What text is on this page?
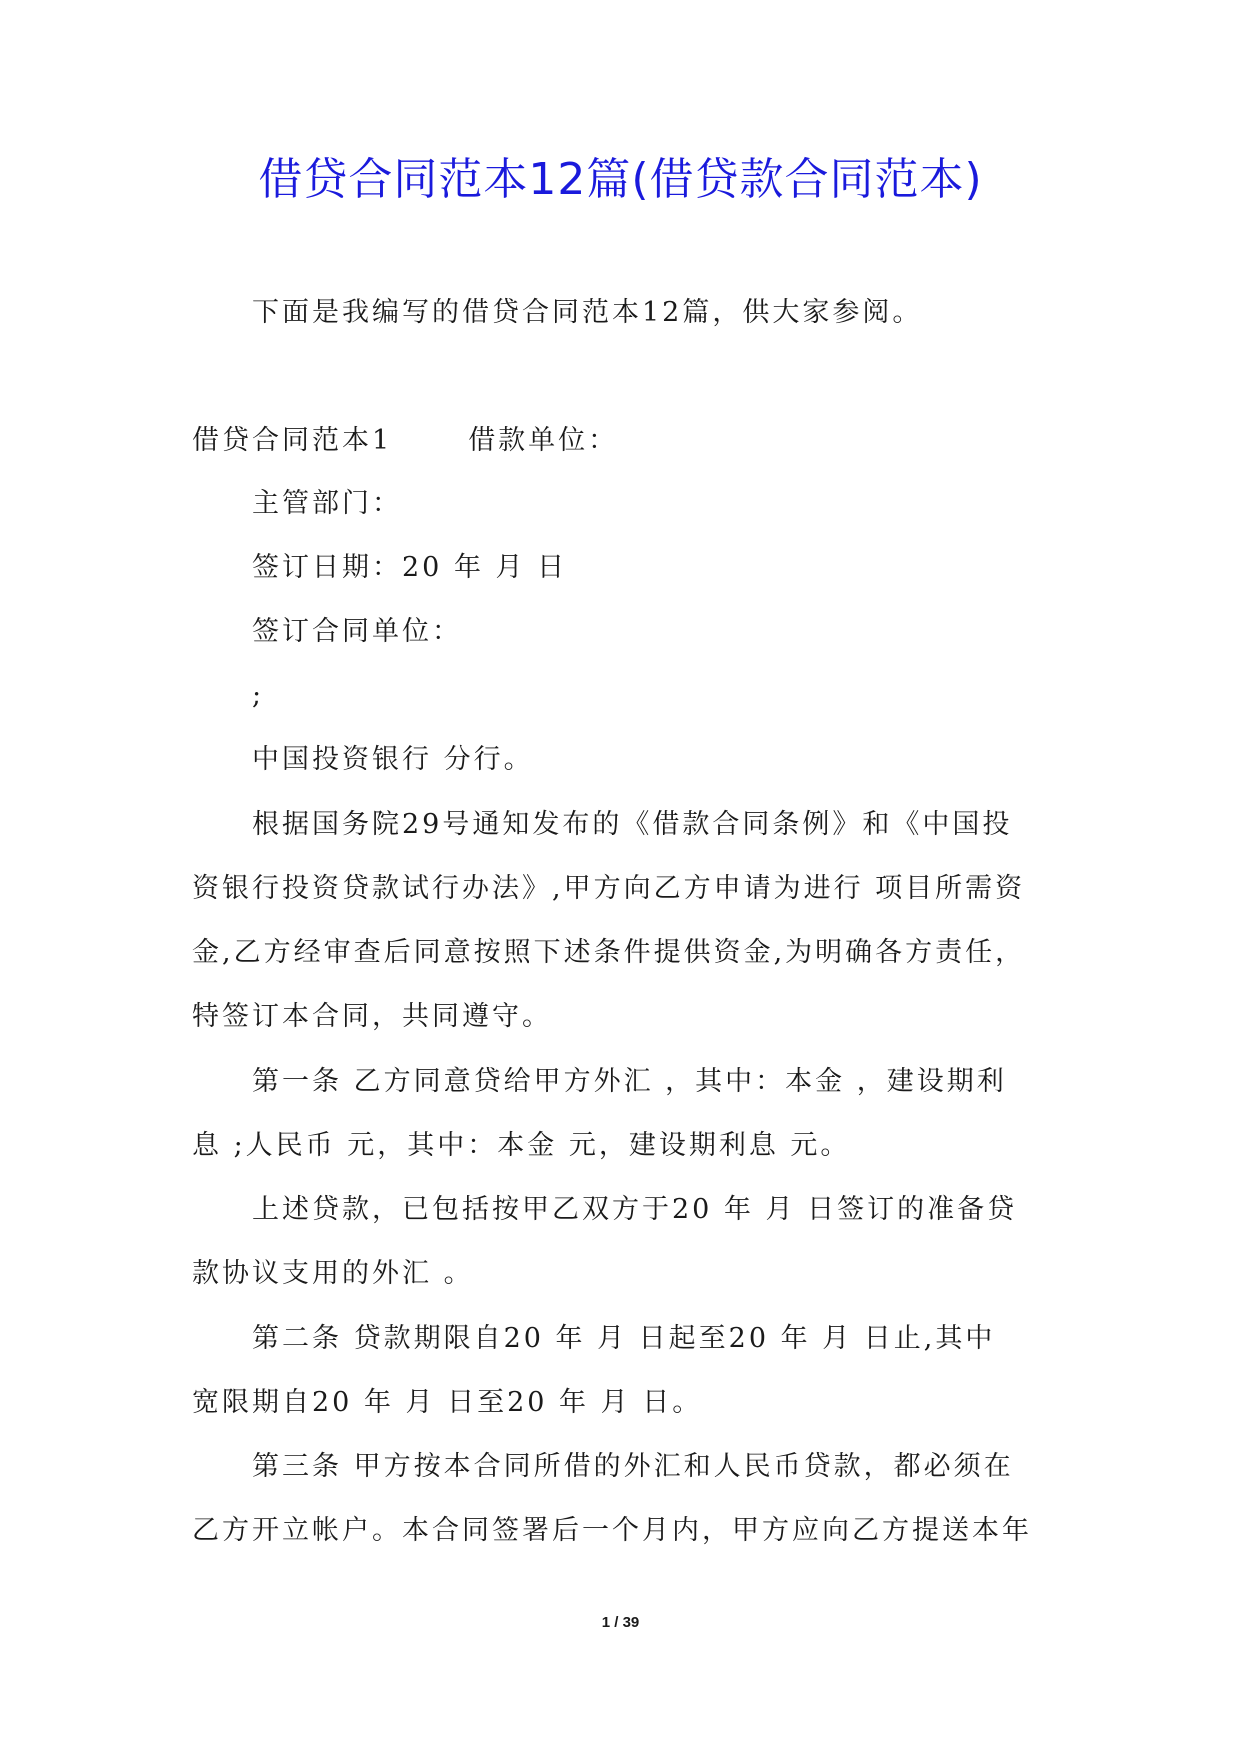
借贷合同范本12篇(借贷款合同范本)
下面是我编写的借贷合同范本12篇，供大家参阅。
借贷合同范本1	借款单位：
主管部门：
签订日期：20 年 月 日
签订合同单位：
;
中国投资银行 分行。
根据国务院29号通知发布的《借款合同条例》和《中国投
资银行投资贷款试行办法》,甲方向乙方申请为进行 项目所需资
金,乙方经审查后同意按照下述条件提供资金,为明确各方责任，
特签订本合同，共同遵守。
第一条 乙方同意贷给甲方外汇 ，其中：本金 ，建设期利
息 ;人民币 元，其中：本金 元，建设期利息 元。
上述贷款，已包括按甲乙双方于20 年 月 日签订的准备贷
款协议支用的外汇 。
第二条 贷款期限自20 年 月 日起至20 年 月 日止,其中
宽限期自20 年 月 日至20 年 月 日。
第三条 甲方按本合同所借的外汇和人民币贷款，都必须在
乙方开立帐户。本合同签署后一个月内，甲方应向乙方提送本年
1 / 39
